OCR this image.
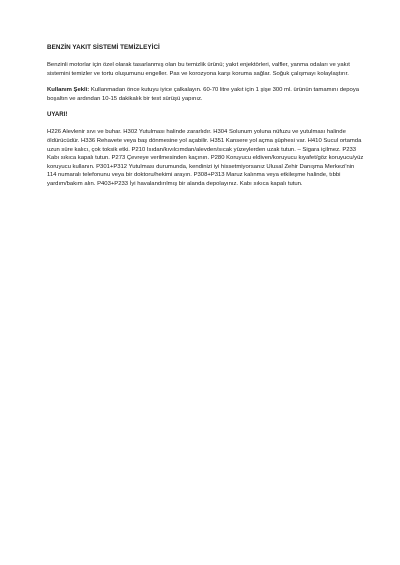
BENZİN YAKIT SİSTEMİ TEMİZLEYİCİ

Benzinli motorlar için özel olarak tasarlanmış olan bu temizlik ürünü; yakıt enjektörleri, valfler, yanma odaları ve yakıt sistemini temizler ve tortu oluşumunu engeller. Pas ve korozyona karşı koruma sağlar. Soğuk çalışmayı kolaylaştırır.

Kullanım Şekli: Kullanmadan önce kutuyu iyice çalkalayın. 60-70 litre yakıt için 1 şişe 300 ml. ürünün tamamını depoya boşaltın ve ardından 10-15 dakikalık bir test sürüşü yapınız.

UYARI!

H226 Alevlenir sıvı ve buhar. H302 Yutulması halinde zararlıdır. H304 Solunum yoluna nüfuzu ve yutulması halinde öldürücüdür. H336 Rehavete veya baş dönmesine yol açabilir. H351 Kansere yol açma şüphesi var. H410 Sucul ortamda uzun süre kalıcı, çok toksik etki. P210 Isıdan/kıvılcımdan/alevden/sıcak yüzeylerden uzak tutun. – Sigara içilmez. P233 Kabı sıkıca kapalı tutun. P273 Çevreye verilmesinden kaçının. P280 Koruyucu eldiven/koruyucu kıyafet/göz koruyucu/yüz koruyucu kullanın. P301+P312 Yutulması durumunda, kendinizi iyi hissetmiyorsanız Ulusal Zehir Danışma Merkezi'nin 114 numaralı telefonunu veya bir doktoru/hekimi arayın. P308+P313 Maruz kalınma veya etkileşme halinde, tıbbi yardım/bakım alın. P403+P233 İyi havalandırılmış bir alanda depolayınız. Kabı sıkıca kapalı tutun.
